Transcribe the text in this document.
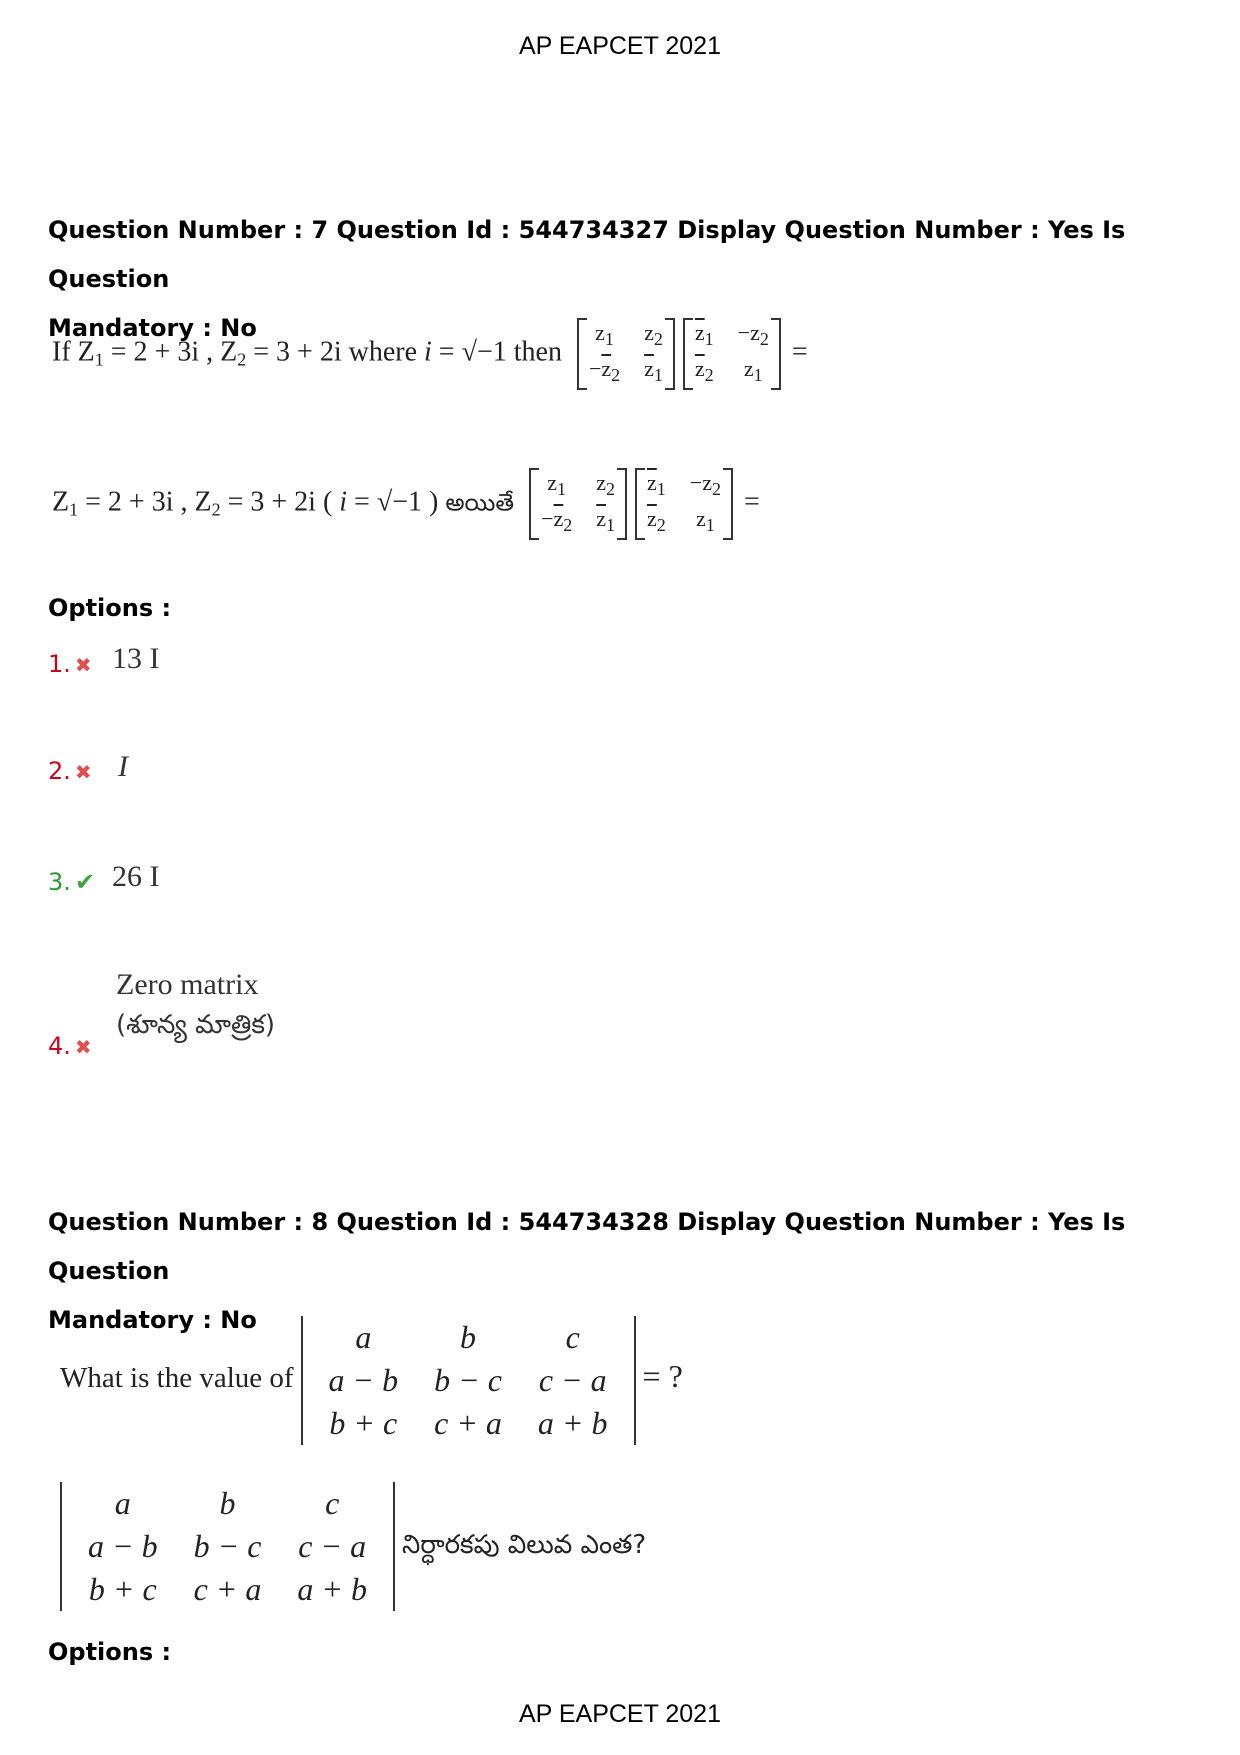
AP EAPCET 2021
Question Number : 7 Question Id : 544734327 Display Question Number : Yes Is Question
Mandatory : No
If $Z_1 = 2 + 3i$ , $Z_2 = 3 + 2i$ where i = √−1 then
$z_1$	$z_2$
$-\overline{z}_2$	$\overline{z}_1$
$\overline{z}_1$	$-z_2$
$\overline{z}_2$	$z_1$
=
$Z_1 = 2 + 3i$ , $Z_2 = 3 + 2i$ ( i = √−1 ) అయితే
$z_1$	$z_2$
$-\overline{z}_2$	$\overline{z}_1$
$\overline{z}_1$	$-z_2$
$\overline{z}_2$	$z_1$
=
Options :
1. ✖ 13 I
2. ✖ I
3. ✔ 26 I
Zero matrix
(శూన్య మాత్రిక)
4. ✖
Question Number : 8 Question Id : 544734328 Display Question Number : Yes Is Question
Mandatory : No
What is the value of
a	b	c
a − b	b − c	c − a
b + c	c + a	a + b
= ?
a	b	c
a − b	b − c	c − a
b + c	c + a	a + b
నిర్ధారకపు విలువ ఎంత?
Options :
AP EAPCET 2021
